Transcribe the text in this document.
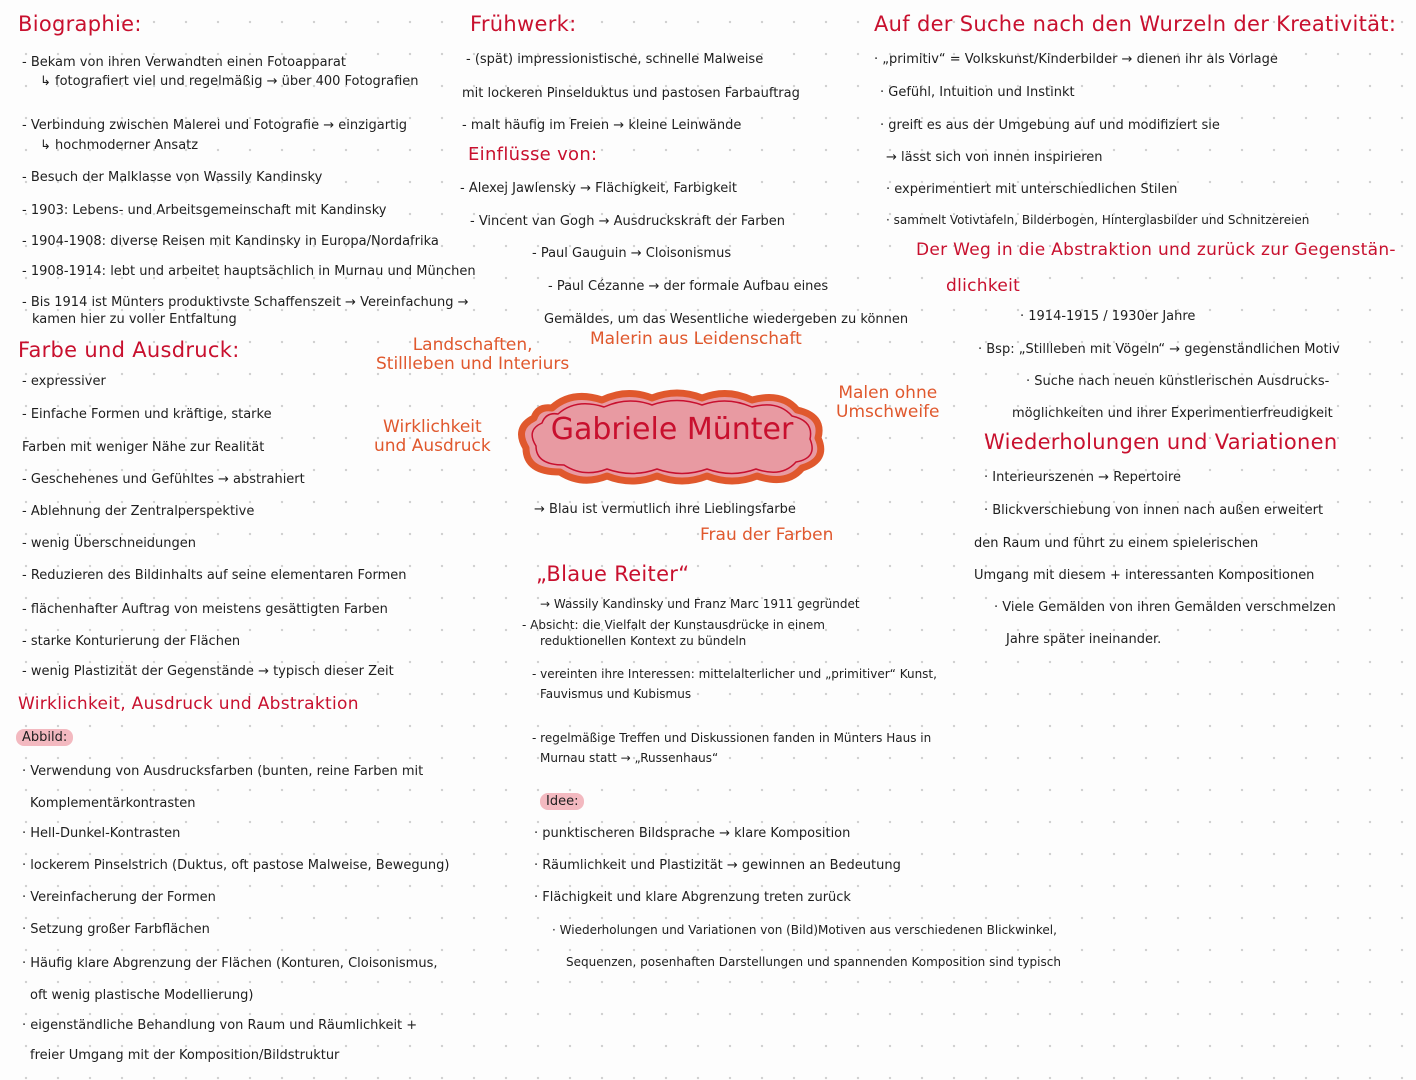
Biographie:
- Bekam von ihren Verwandten einen Fotoapparat
↳ fotografiert viel und regelmäßig → über 400 Fotografien
- Verbindung zwischen Malerei und Fotografie → einzigartig
↳ hochmoderner Ansatz
- Besuch der Malklasse von Wassily Kandinsky
- 1903: Lebens- und Arbeitsgemeinschaft mit Kandinsky
- 1904-1908: diverse Reisen mit Kandinsky in Europa/Nordafrika
- 1908-1914: lebt und arbeitet hauptsächlich in Murnau und München
- Bis 1914 ist Münters produktivste Schaffenszeit → Vereinfachung →
kamen hier zu voller Entfaltung
Farbe und Ausdruck:
- expressiver
- Einfache Formen und kräftige, starke
Farben mit weniger Nähe zur Realität
- Geschehenes und Gefühltes → abstrahiert
- Ablehnung der Zentralperspektive
- wenig Überschneidungen
- Reduzieren des Bildinhalts auf seine elementaren Formen
- flächenhafter Auftrag von meistens gesättigten Farben
- starke Konturierung der Flächen
- wenig Plastizität der Gegenstände → typisch dieser Zeit
Wirklichkeit, Ausdruck und Abstraktion
Abbild:
· Verwendung von Ausdrucksfarben (bunten, reine Farben mit
Komplementärkontrasten
· Hell-Dunkel-Kontrasten
· lockerem Pinselstrich (Duktus, oft pastose Malweise, Bewegung)
· Vereinfacherung der Formen
· Setzung großer Farbflächen
· Häufig klare Abgrenzung der Flächen (Konturen, Cloisonismus,
oft wenig plastische Modellierung)
· eigenständliche Behandlung von Raum und Räumlichkeit +
freier Umgang mit der Komposition/Bildstruktur
Frühwerk:
- (spät) impressionistische, schnelle Malweise
mit lockeren Pinselduktus und pastosen Farbauftrag
- malt häufig im Freien → kleine Leinwände
Einflüsse von:
- Alexej Jawlensky → Flächigkeit, Farbigkeit
- Vincent van Gogh → Ausdruckskraft der Farben
- Paul Gauguin → Cloisonismus
- Paul Cézanne → der formale Aufbau eines
Gemäldes, um das Wesentliche wiedergeben zu können
Malerin aus Leidenschaft
Landschaften,
Stillleben und Interiurs
Malen ohne
Umschweife
Wirklichkeit
und Ausdruck	Gabriele Münter
→ Blau ist vermutlich ihre Lieblingsfarbe
Frau der Farben
„Blaue Reiter“
→ Wassily Kandinsky und Franz Marc 1911 gegründet
- Absicht: die Vielfalt der Kunstausdrücke in einem
reduktionellen Kontext zu bündeln
- vereinten ihre Interessen: mittelalterlicher und „primitiver“ Kunst,
Fauvismus und Kubismus
- regelmäßige Treffen und Diskussionen fanden in Münters Haus in
Murnau statt → „Russenhaus“
Idee:
· punktischeren Bildsprache → klare Komposition
· Räumlichkeit und Plastizität → gewinnen an Bedeutung
· Flächigkeit und klare Abgrenzung treten zurück
· Wiederholungen und Variationen von (Bild)Motiven aus verschiedenen Blickwinkel,
Sequenzen, posenhaften Darstellungen und spannenden Komposition sind typisch
Auf der Suche nach den Wurzeln der Kreativität:
· „primitiv“ = Volkskunst/Kinderbilder → dienen ihr als Vorlage
· Gefühl, Intuition und Instinkt
· greift es aus der Umgebung auf und modifiziert sie
→ lässt sich von innen inspirieren
· experimentiert mit unterschiedlichen Stilen
· sammelt Votivtafeln, Bilderbogen, Hinterglasbilder und Schnitzereien
Der Weg in die Abstraktion und zurück zur Gegenstän-
dlichkeit
· 1914-1915 / 1930er Jahre
· Bsp: „Stillleben mit Vögeln“ → gegenständlichen Motiv
· Suche nach neuen künstlerischen Ausdrucks-
möglichkeiten und ihrer Experimentierfreudigkeit
Wiederholungen und Variationen
· Interieurszenen → Repertoire
· Blickverschiebung von innen nach außen erweitert
den Raum und führt zu einem spielerischen
Umgang mit diesem + interessanten Kompositionen
· Viele Gemälden von ihren Gemälden verschmelzen
Jahre später ineinander.
